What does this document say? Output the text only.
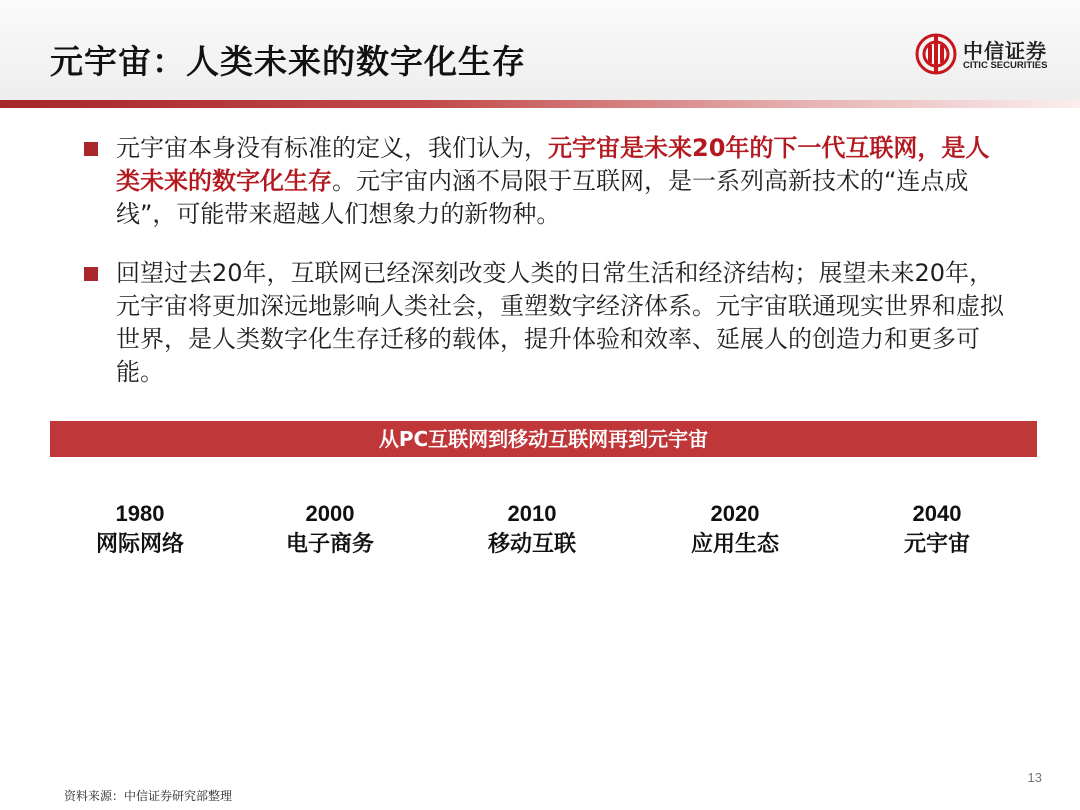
元宇宙：人类未来的数字化生存	中信证券
CITIC SECURITIES
元宇宙本身没有标准的定义，我们认为，元宇宙是未来20年的下一代互联网，是人类未来的数字化生存。元宇宙内涵不局限于互联网，是一系列高新技术的“连点成线”，可能带来超越人们想象力的新物种。
回望过去20年，互联网已经深刻改变人类的日常生活和经济结构；展望未来20年，元宇宙将更加深远地影响人类社会，重塑数字经济体系。元宇宙联通现实世界和虚拟世界，是人类数字化生存迁移的载体，提升体验和效率、延展人的创造力和更多可能。
从PC互联网到移动互联网再到元宇宙
1980
网际网络
2000
电子商务
2010
移动互联
2020
应用生态
2040
元宇宙
资料来源：中信证券研究部整理
13
